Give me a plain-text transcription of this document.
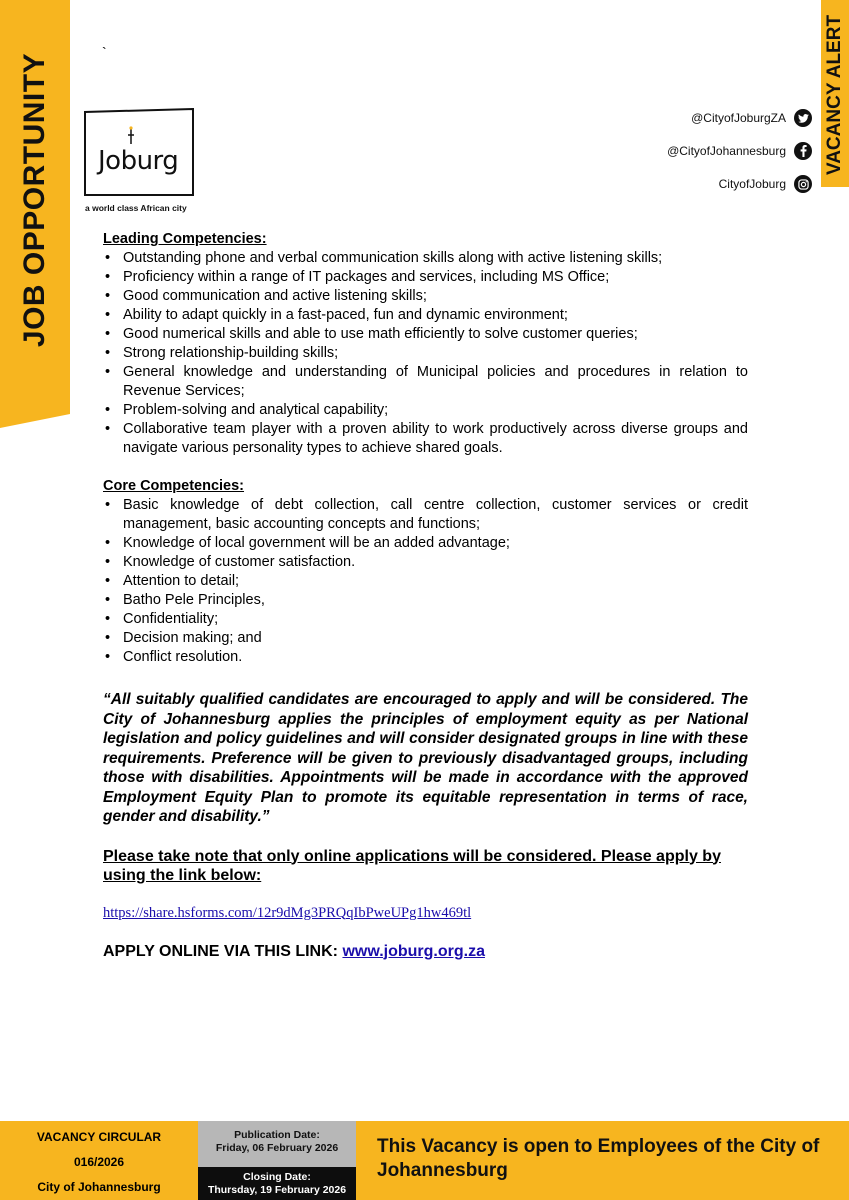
JOB OPPORTUNITY	VACANCY ALERT
`
Joburg
a world class African city
@CityofJoburgZA
@CityofJohannesburg
CityofJoburg
Leading Competencies:
• Outstanding phone and verbal communication skills along with active listening skills;
• Proficiency within a range of IT packages and services, including MS Office;
• Good communication and active listening skills;
• Ability to adapt quickly in a fast-paced, fun and dynamic environment;
• Good numerical skills and able to use math efficiently to solve customer queries;
• Strong relationship-building skills;
• General knowledge and understanding of Municipal policies and procedures in relation to Revenue Services;
• Problem-solving and analytical capability;
• Collaborative team player with a proven ability to work productively across diverse groups and navigate various personality types to achieve shared goals.
Core Competencies:
• Basic knowledge of debt collection, call centre collection, customer services or credit management, basic accounting concepts and functions;
• Knowledge of local government will be an added advantage;
• Knowledge of customer satisfaction.
• Attention to detail;
• Batho Pele Principles,
• Confidentiality;
• Decision making; and
• Conflict resolution.

“All suitably qualified candidates are encouraged to apply and will be considered. The City of Johannesburg applies the principles of employment equity as per National legislation and policy guidelines and will consider designated groups in line with these requirements. Preference will be given to previously disadvantaged groups, including those with disabilities. Appointments will be made in accordance with the approved Employment Equity Plan to promote its equitable representation in terms of race, gender and disability.”

Please take note that only online applications will be considered. Please apply by using the link below:

https://share.hsforms.com/12r9dMg3PRQqIbPweUPg1hw469tl

APPLY ONLINE VIA THIS LINK: www.joburg.org.za

VACANCY CIRCULAR
016/2026
City of Johannesburg
Publication Date:
Friday, 06 February 2026
Closing Date:
Thursday, 19 February 2026
This Vacancy is open to Employees of the City of Johannesburg
